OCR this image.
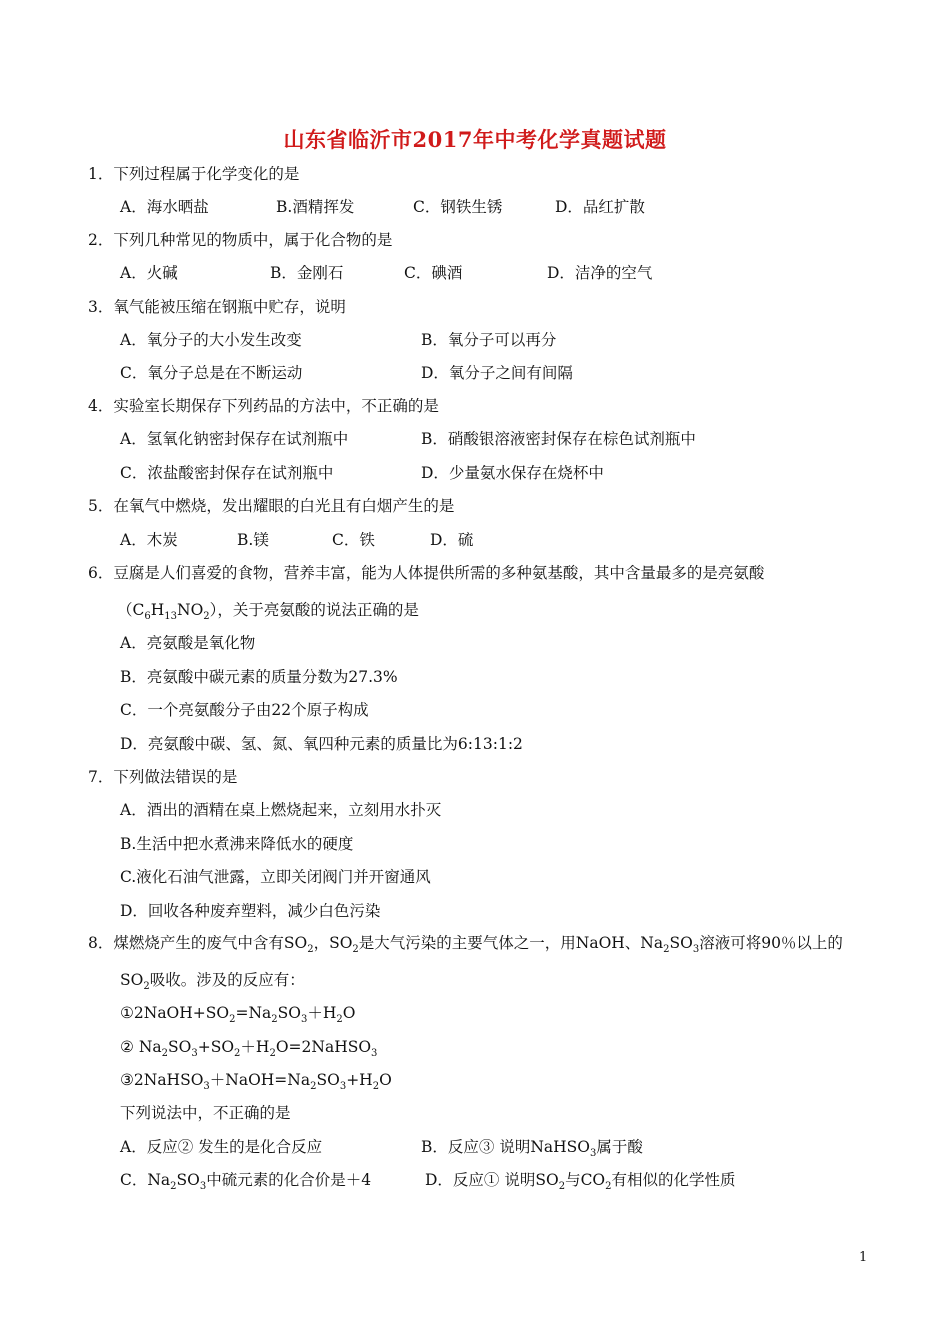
山东省临沂市2017年中考化学真题试题
1．下列过程属于化学变化的是
A．海水晒盐	B.酒精挥发	C．钢铁生锈	D．品红扩散
2．下列几种常见的物质中，属于化合物的是
A．火碱	B．金刚石	C．碘酒	D．洁净的空气
3．氧气能被压缩在钢瓶中贮存，说明
A．氧分子的大小发生改变	B．氧分子可以再分
C．氧分子总是在不断运动	D．氧分子之间有间隔
4．实验室长期保存下列药品的方法中，不正确的是
A．氢氧化钠密封保存在试剂瓶中	B．硝酸银溶液密封保存在棕色试剂瓶中
C．浓盐酸密封保存在试剂瓶中	D．少量氨水保存在烧杯中
5．在氧气中燃烧，发出耀眼的白光且有白烟产生的是
A．木炭	B.镁	C．铁	D．硫
6．豆腐是人们喜爱的食物，营养丰富，能为人体提供所需的多种氨基酸，其中含量最多的是亮氨酸
$(C_6H_{13}NO_2)$，关于亮氨酸的说法正确的是
A．亮氨酸是氧化物
B．亮氨酸中碳元素的质量分数为27.3%
C．一个亮氨酸分子由22个原子构成
D．亮氨酸中碳、氢、氮、氧四种元素的质量比为6:13:1:2
7．下列做法错误的是
A．酒出的酒精在桌上燃烧起来，立刻用水扑灭
B.生活中把水煮沸来降低水的硬度
C.液化石油气泄露，立即关闭阀门并开窗通风
D．回收各种废弃塑料，减少白色污染
8．煤燃烧产生的废气中含有$SO_2$，$SO_2$是大气污染的主要气体之一，用NaOH、$Na_2SO_3$溶液可将90％以上的
$SO_2$吸收。涉及的反应有：
$①2NaOH+SO_2=Na_2SO_3+H_2O$
② $Na_2SO_3+SO_2+H_2O=2NaHSO_3$
$③2NaHSO_3+NaOH=Na_2SO_3+H_2O$
下列说法中，不正确的是
A．反应② 发生的是化合反应	B．反应③ 说明NaHSO$_3$属于酸
C．$Na_2SO_3$中硫元素的化合价是＋4	D．反应① 说明$SO_2$与$CO_2$有相似的化学性质
1
